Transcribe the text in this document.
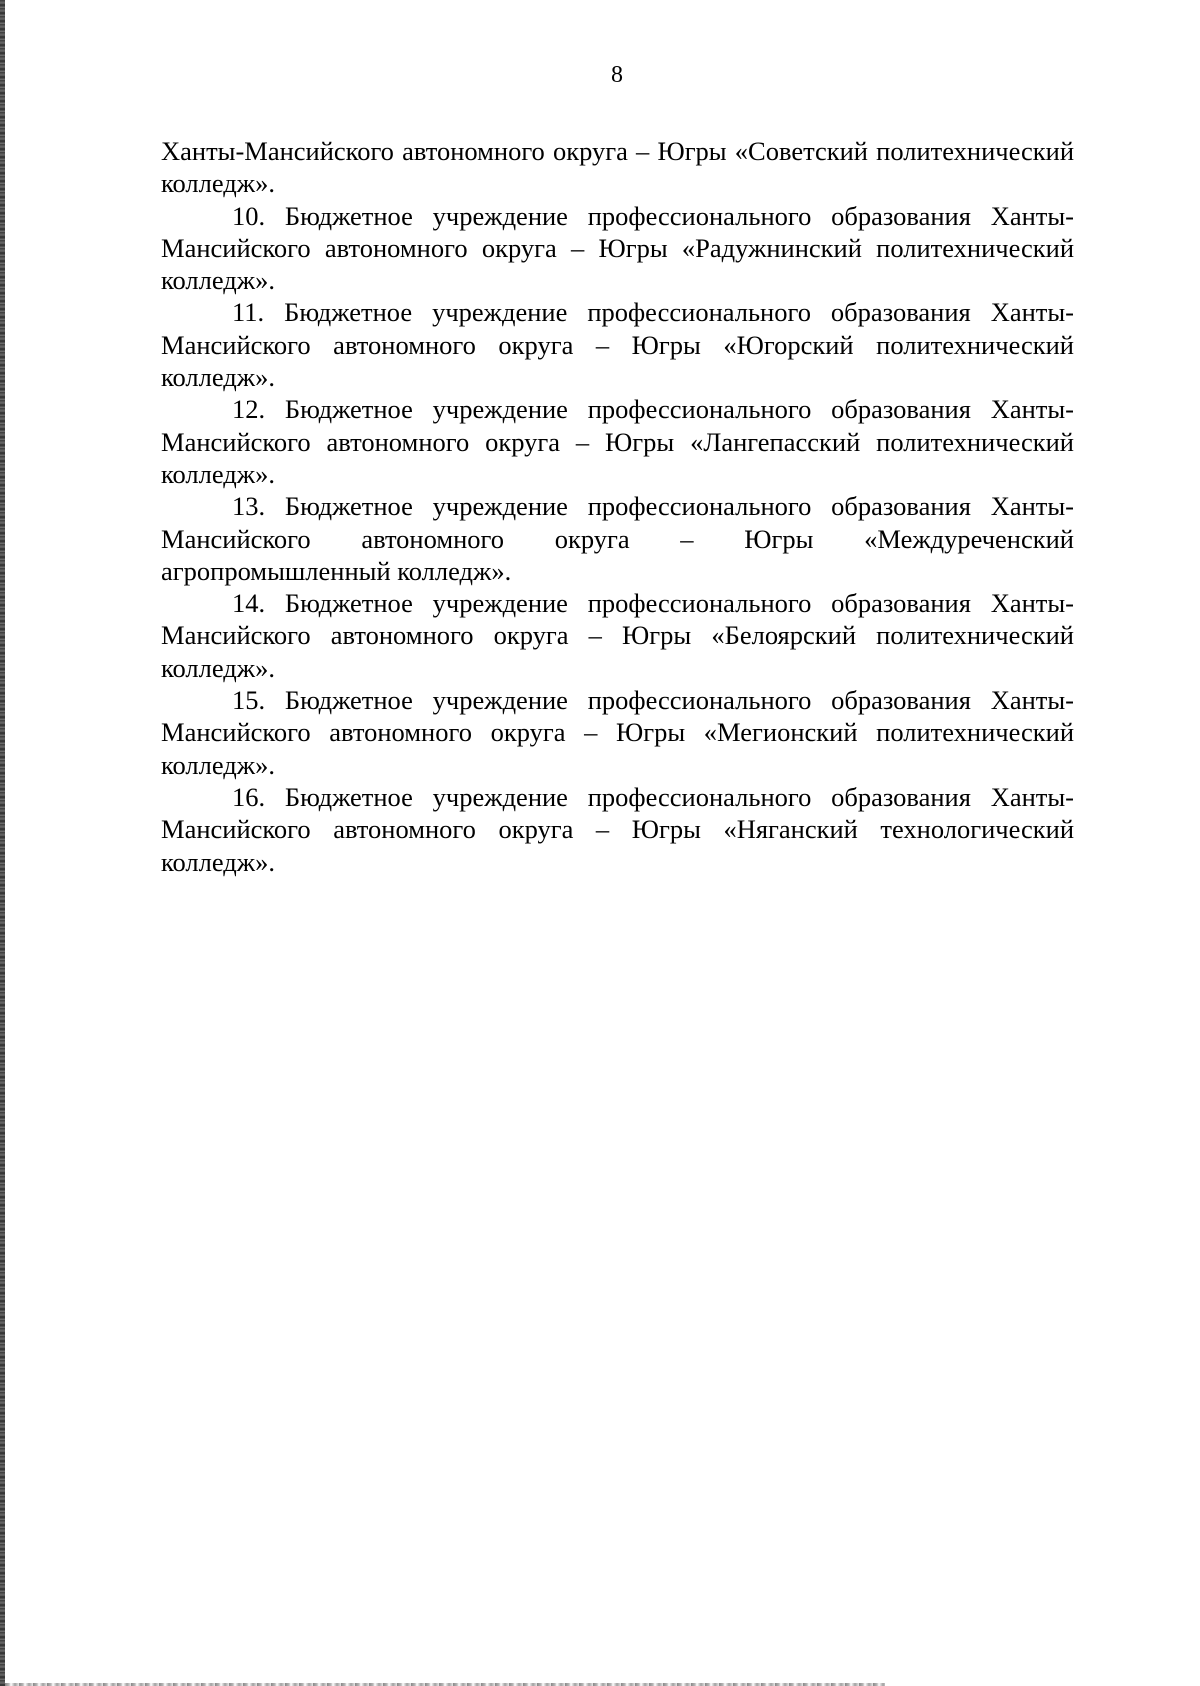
8

Ханты-Мансийского автономного округа – Югры «Советский политехнический колледж».

10. Бюджетное учреждение профессионального образования Ханты-Мансийского автономного округа – Югры «Радужнинский политехнический колледж».

11. Бюджетное учреждение профессионального образования Ханты-Мансийского автономного округа – Югры «Югорский политехнический колледж».

12. Бюджетное учреждение профессионального образования Ханты-Мансийского автономного округа – Югры «Лангепасский политехнический колледж».

13. Бюджетное учреждение профессионального образования Ханты-Мансийского автономного округа – Югры «Междуреченский агропромышленный колледж».

14. Бюджетное учреждение профессионального образования Ханты-Мансийского автономного округа – Югры «Белоярский политехнический колледж».

15. Бюджетное учреждение профессионального образования Ханты-Мансийского автономного округа – Югры «Мегионский политехнический колледж».

16. Бюджетное учреждение профессионального образования Ханты-Мансийского автономного округа – Югры «Няганский технологический колледж».
